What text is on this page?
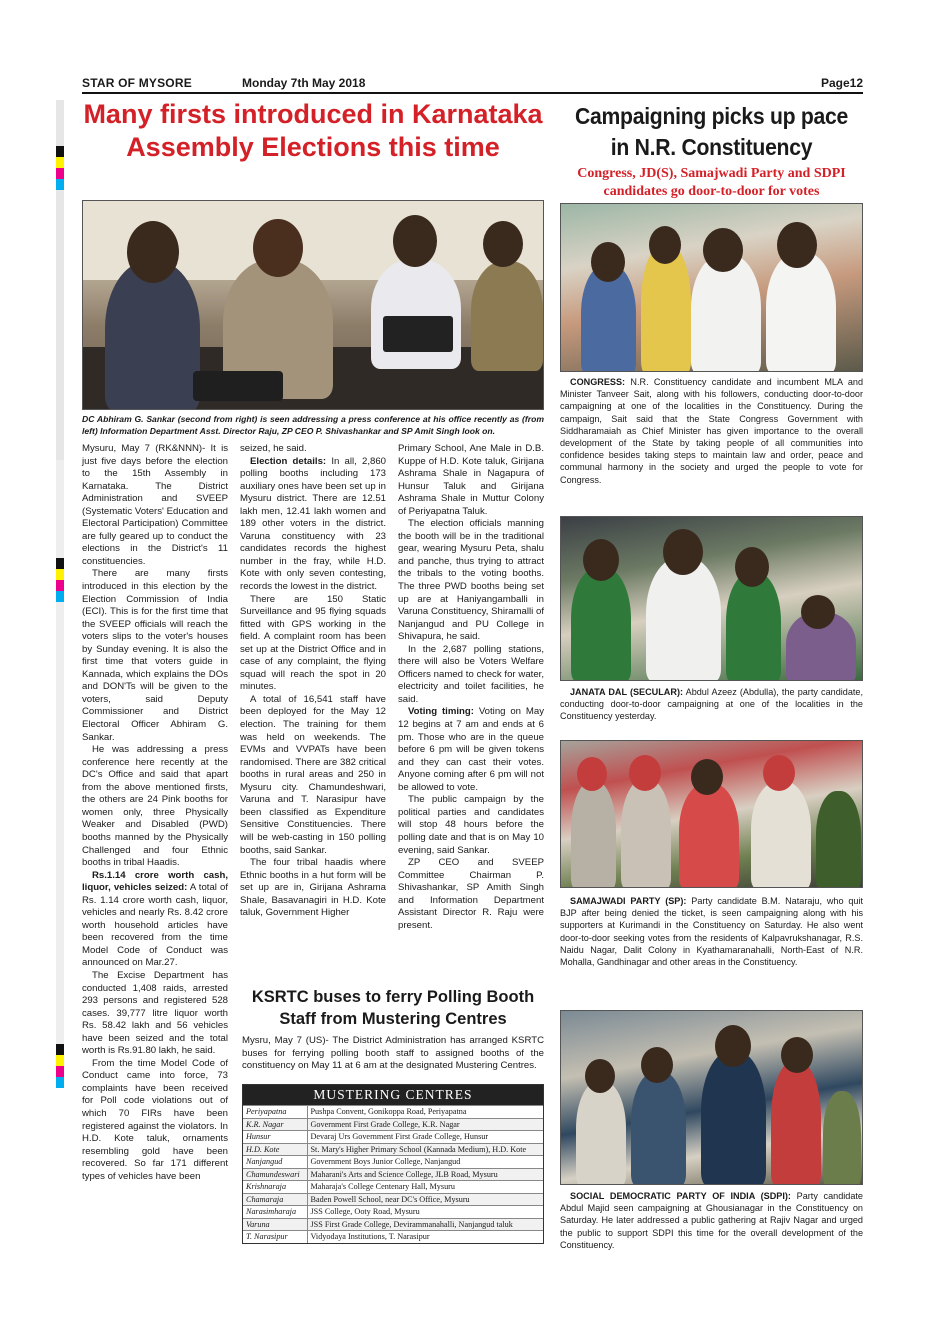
STAR OF MYSORE	Monday 7th May 2018	Page12
Many firsts introduced in Karnataka
Assembly Elections this time
DC Abhiram G. Sankar (second from right) is seen addressing a press conference at his office recently as (from left) Information Department Asst. Director Raju, ZP CEO P. Shivashankar and SP Amit Singh look on.

Mysuru, May 7 (RK&NNN)- It is just five days before the election to the 15th Assembly in Karnataka. The District Administration and SVEEP (Systematic Voters' Education and Electoral Participation) Committee are fully geared up to conduct the elections in the District's 11 constituencies.

There are many firsts introduced in this election by the Election Commission of India (ECI). This is for the first time that the SVEEP officials will reach the voters slips to the voter's houses by Sunday evening. It is also the first time that voters guide in Kannada, which explains the DOs and DON'Ts will be given to the voters, said Deputy Commissioner and District Electoral Officer Abhiram G. Sankar.

He was addressing a press conference here recently at the DC's Office and said that apart from the above mentioned firsts, the others are 24 Pink booths for women only, three Physically Weaker and Disabled (PWD) booths manned by the Physically Challenged and four Ethnic booths in tribal Haadis.

Rs.1.14 crore worth cash, liquor, vehicles seized: A total of Rs. 1.14 crore worth cash, liquor, vehicles and nearly Rs. 8.42 crore worth household articles have been recovered from the time Model Code of Conduct was announced on Mar.27.

The Excise Department has conducted 1,408 raids, arrested 293 persons and registered 528 cases. 39,777 litre liquor worth Rs. 58.42 lakh and 56 vehicles have been seized and the total worth is Rs.91.80 lakh, he said.

From the time Model Code of Conduct came into force, 73 complaints have been received for Poll code violations out of which 70 FIRs have been registered against the violators. In H.D. Kote taluk, ornaments resembling gold have been recovered. So far 171 different types of vehicles have been

seized, he said.

Election details: In all, 2,860 polling booths including 173 auxiliary ones have been set up in Mysuru district. There are 12.51 lakh men, 12.41 lakh women and 189 other voters in the district. Varuna constituency with 23 candidates records the highest number in the fray, while H.D. Kote with only seven contesting, records the lowest in the district.

There are 150 Static Surveillance and 95 flying squads fitted with GPS working in the field. A complaint room has been set up at the District Office and in case of any complaint, the flying squad will reach the spot in 20 minutes.

A total of 16,541 staff have been deployed for the May 12 election. The training for them was held on weekends. The EVMs and VVPATs have been randomised. There are 382 critical booths in rural areas and 250 in Mysuru city. Chamundeshwari, Varuna and T. Narasipur have been classified as Expenditure Sensitive Constituencies. There will be web-casting in 150 polling booths, said Sankar.

The four tribal haadis where Ethnic booths in a hut form will be set up are in, Girijana Ashrama Shale, Basavanagiri in H.D. Kote taluk, Government Higher

Primary School, Ane Male in D.B. Kuppe of H.D. Kote taluk, Girijana Ashrama Shale in Nagapura of Hunsur Taluk and Girijana Ashrama Shale in Muttur Colony of Periyapatna Taluk.

The election officials manning the booth will be in the traditional gear, wearing Mysuru Peta, shalu and panche, thus trying to attract the tribals to the voting booths. The three PWD booths being set up are at Haniyangamballi in Varuna Constituency, Shiramalli of Nanjangud and PU College in Shivapura, he said.

In the 2,687 polling stations, there will also be Voters Welfare Officers named to check for water, electricity and toilet facilities, he said.

Voting timing: Voting on May 12 begins at 7 am and ends at 6 pm. Those who are in the queue before 6 pm will be given tokens and they can cast their votes. Anyone coming after 6 pm will not be allowed to vote.

The public campaign by the political parties and candidates will stop 48 hours before the polling date and that is on May 10 evening, said Sankar.

ZP CEO and SVEEP Committee Chairman P. Shivashankar, SP Amith Singh and Information Department Assistant Director R. Raju were present.

KSRTC buses to ferry Polling Booth
Staff from Mustering Centres
Mysru, May 7 (US)- The District Administration has arranged KSRTC buses for ferrying polling booth staff to assigned booths of the constituency on May 11 at 6 am at the designated Mustering Centres.
MUSTERING CENTRES
Periyapatna	Pushpa Convent, Gonikoppa Road, Periyapatna
K.R. Nagar	Government First Grade College, K.R. Nagar
Hunsur	Devaraj Urs Government First Grade College, Hunsur
H.D. Kote	St. Mary's Higher Primary School (Kannada Medium), H.D. Kote
Nanjangud	Government Boys Junior College, Nanjangud
Chamundeswari	Maharani's Arts and Science College, JLB Road, Mysuru
Krishnaraja	Maharaja's College Centenary Hall, Mysuru
Chamaraja	Baden Powell School, near DC's Office, Mysuru
Narasimharaja	JSS College, Ooty Road, Mysuru
Varuna	JSS First Grade College, Devirammanahalli, Nanjangud taluk
T. Narasipur	Vidyodaya Institutions, T. Narasipur
Campaigning picks up pace
in N.R. Constituency
Congress, JD(S), Samajwadi Party and SDPI
candidates go door-to-door for votes
CONGRESS: N.R. Constituency candidate and incumbent MLA and Minister Tanveer Sait, along with his followers, conducting door-to-door campaigning at one of the localities in the Constituency. During the campaign, Sait said that the State Congress Government with Siddharamaiah as Chief Minister has given importance to the overall development of the State by taking people of all communities into confidence besides taking steps to maintain law and order, peace and communal harmony in the society and urged the people to vote for Congress.
JANATA DAL (SECULAR): Abdul Azeez (Abdulla), the party candidate, conducting door-to-door campaigning at one of the localities in the Constituency yesterday.
SAMAJWADI PARTY (SP): Party candidate B.M. Nataraju, who quit BJP after being denied the ticket, is seen campaigning along with his supporters at Kurimandi in the Constituency on Saturday. He also went door-to-door seeking votes from the residents of Kalpavrukshanagar, R.S. Naidu Nagar, Dalit Colony in Kyathamaranahalli, North-East of N.R. Mohalla, Gandhinagar and other areas in the Constituency.
SOCIAL DEMOCRATIC PARTY OF INDIA (SDPI): Party candidate Abdul Majid seen campaigning at Ghousianagar in the Constituency on Saturday. He later addressed a public gathering at Rajiv Nagar and urged the public to support SDPI this time for the overall development of the Constituency.
